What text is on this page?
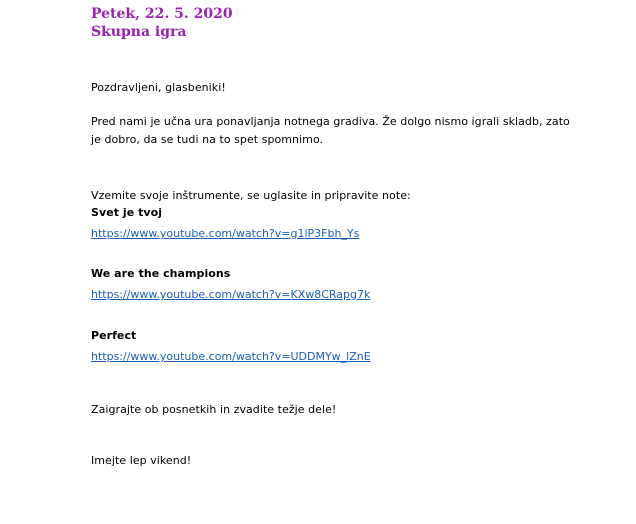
Petek, 22. 5. 2020

Skupna igra

Pozdravljeni, glasbeniki!

Pred nami je učna ura ponavljanja notnega gradiva. Že dolgo nismo igrali skladb, zato je dobro, da se tudi na to spet spomnimo.

Vzemite svoje inštrumente, se uglasite in pripravite note:

Svet je tvoj

https://www.youtube.com/watch?v=g1lP3Fbh_Ys

We are the champions

https://www.youtube.com/watch?v=KXw8CRapg7k

Perfect

https://www.youtube.com/watch?v=UDDMYw_lZnE

Zaigrajte ob posnetkih in zvadite težje dele!

Imejte lep vikend!
